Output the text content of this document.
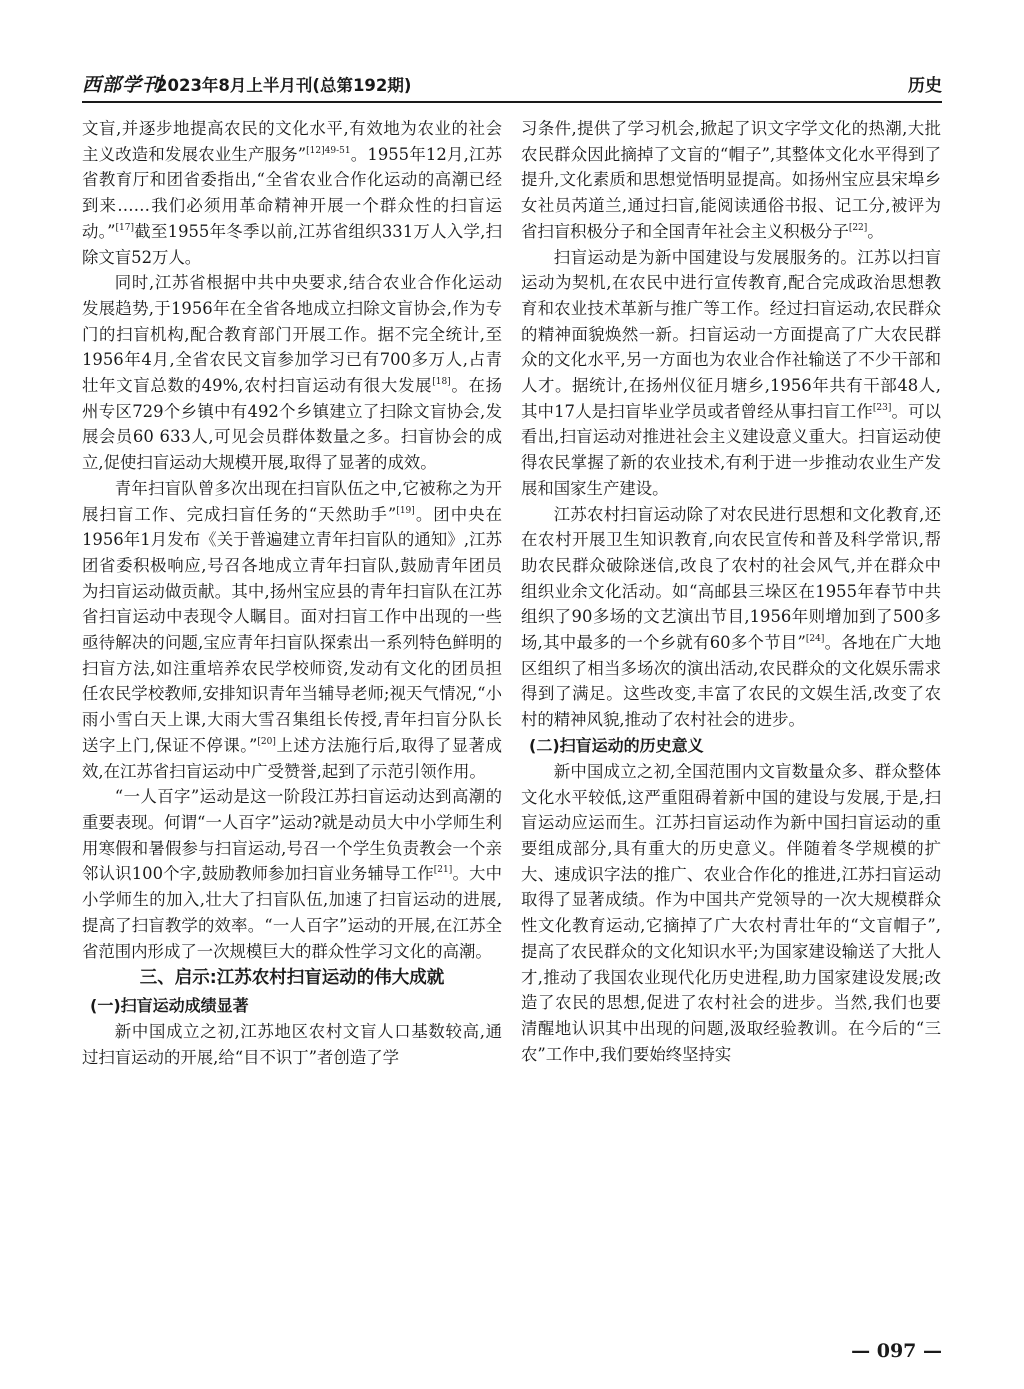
西部学刊
2023年8月上半月刊(总第192期)	历史

文盲,并逐步地提高农民的文化水平,有效地为农业的社会主义改造和发展农业生产服务”$^{[12]49-51}$。1955年12月,江苏省教育厅和团省委指出,“全省农业合作化运动的高潮已经到来……我们必须用革命精神开展一个群众性的扫盲运动。”[17]截至1955年冬季以前,江苏省组织331万人入学,扫除文盲52万人。

同时,江苏省根据中共中央要求,结合农业合作化运动发展趋势,于1956年在全省各地成立扫除文盲协会,作为专门的扫盲机构,配合教育部门开展工作。据不完全统计,至1956年4月,全省农民文盲参加学习已有700多万人,占青壮年文盲总数的49%,农村扫盲运动有很大发展[18]。在扬州专区729个乡镇中有492个乡镇建立了扫除文盲协会,发展会员60 633人,可见会员群体数量之多。扫盲协会的成立,促使扫盲运动大规模开展,取得了显著的成效。

青年扫盲队曾多次出现在扫盲队伍之中,它被称之为开展扫盲工作、完成扫盲任务的“天然助手”[19]。团中央在1956年1月发布《关于普遍建立青年扫盲队的通知》,江苏团省委积极响应,号召各地成立青年扫盲队,鼓励青年团员为扫盲运动做贡献。其中,扬州宝应县的青年扫盲队在江苏省扫盲运动中表现令人瞩目。面对扫盲工作中出现的一些亟待解决的问题,宝应青年扫盲队探索出一系列特色鲜明的扫盲方法,如注重培养农民学校师资,发动有文化的团员担任农民学校教师,安排知识青年当辅导老师;视天气情况,“小雨小雪白天上课,大雨大雪召集组长传授,青年扫盲分队长送字上门,保证不停课。”[20]上述方法施行后,取得了显著成效,在江苏省扫盲运动中广受赞誉,起到了示范引领作用。

“一人百字”运动是这一阶段江苏扫盲运动达到高潮的重要表现。何谓“一人百字”运动?就是动员大中小学师生利用寒假和暑假参与扫盲运动,号召一个学生负责教会一个亲邻认识100个字,鼓励教师参加扫盲业务辅导工作[21]。大中小学师生的加入,壮大了扫盲队伍,加速了扫盲运动的进展,提高了扫盲教学的效率。“一人百字”运动的开展,在江苏全省范围内形成了一次规模巨大的群众性学习文化的高潮。

三、启示:江苏农村扫盲运动的伟大成就
(一)扫盲运动成绩显著

新中国成立之初,江苏地区农村文盲人口基数较高,通过扫盲运动的开展,给“目不识丁”者创造了学

习条件,提供了学习机会,掀起了识文字学文化的热潮,大批农民群众因此摘掉了文盲的“帽子”,其整体文化水平得到了提升,文化素质和思想觉悟明显提高。如扬州宝应县宋埠乡女社员芮道兰,通过扫盲,能阅读通俗书报、记工分,被评为省扫盲积极分子和全国青年社会主义积极分子[22]。

扫盲运动是为新中国建设与发展服务的。江苏以扫盲运动为契机,在农民中进行宣传教育,配合完成政治思想教育和农业技术革新与推广等工作。经过扫盲运动,农民群众的精神面貌焕然一新。扫盲运动一方面提高了广大农民群众的文化水平,另一方面也为农业合作社输送了不少干部和人才。据统计,在扬州仪征月塘乡,1956年共有干部48人,其中17人是扫盲毕业学员或者曾经从事扫盲工作[23]。可以看出,扫盲运动对推进社会主义建设意义重大。扫盲运动使得农民掌握了新的农业技术,有利于进一步推动农业生产发展和国家生产建设。

江苏农村扫盲运动除了对农民进行思想和文化教育,还在农村开展卫生知识教育,向农民宣传和普及科学常识,帮助农民群众破除迷信,改良了农村的社会风气,并在群众中组织业余文化活动。如“高邮县三垛区在1955年春节中共组织了90多场的文艺演出节目,1956年则增加到了500多场,其中最多的一个乡就有60多个节目”[24]。各地在广大地区组织了相当多场次的演出活动,农民群众的文化娱乐需求得到了满足。这些改变,丰富了农民的文娱生活,改变了农村的精神风貌,推动了农村社会的进步。

(二)扫盲运动的历史意义

新中国成立之初,全国范围内文盲数量众多、群众整体文化水平较低,这严重阻碍着新中国的建设与发展,于是,扫盲运动应运而生。江苏扫盲运动作为新中国扫盲运动的重要组成部分,具有重大的历史意义。伴随着冬学规模的扩大、速成识字法的推广、农业合作化的推进,江苏扫盲运动取得了显著成绩。作为中国共产党领导的一次大规模群众性文化教育运动,它摘掉了广大农村青壮年的“文盲帽子”,提高了农民群众的文化知识水平;为国家建设输送了大批人才,推动了我国农业现代化历史进程,助力国家建设发展;改造了农民的思想,促进了农村社会的进步。当然,我们也要清醒地认识其中出现的问题,汲取经验教训。在今后的“三农”工作中,我们要始终坚持实

— 097 —
